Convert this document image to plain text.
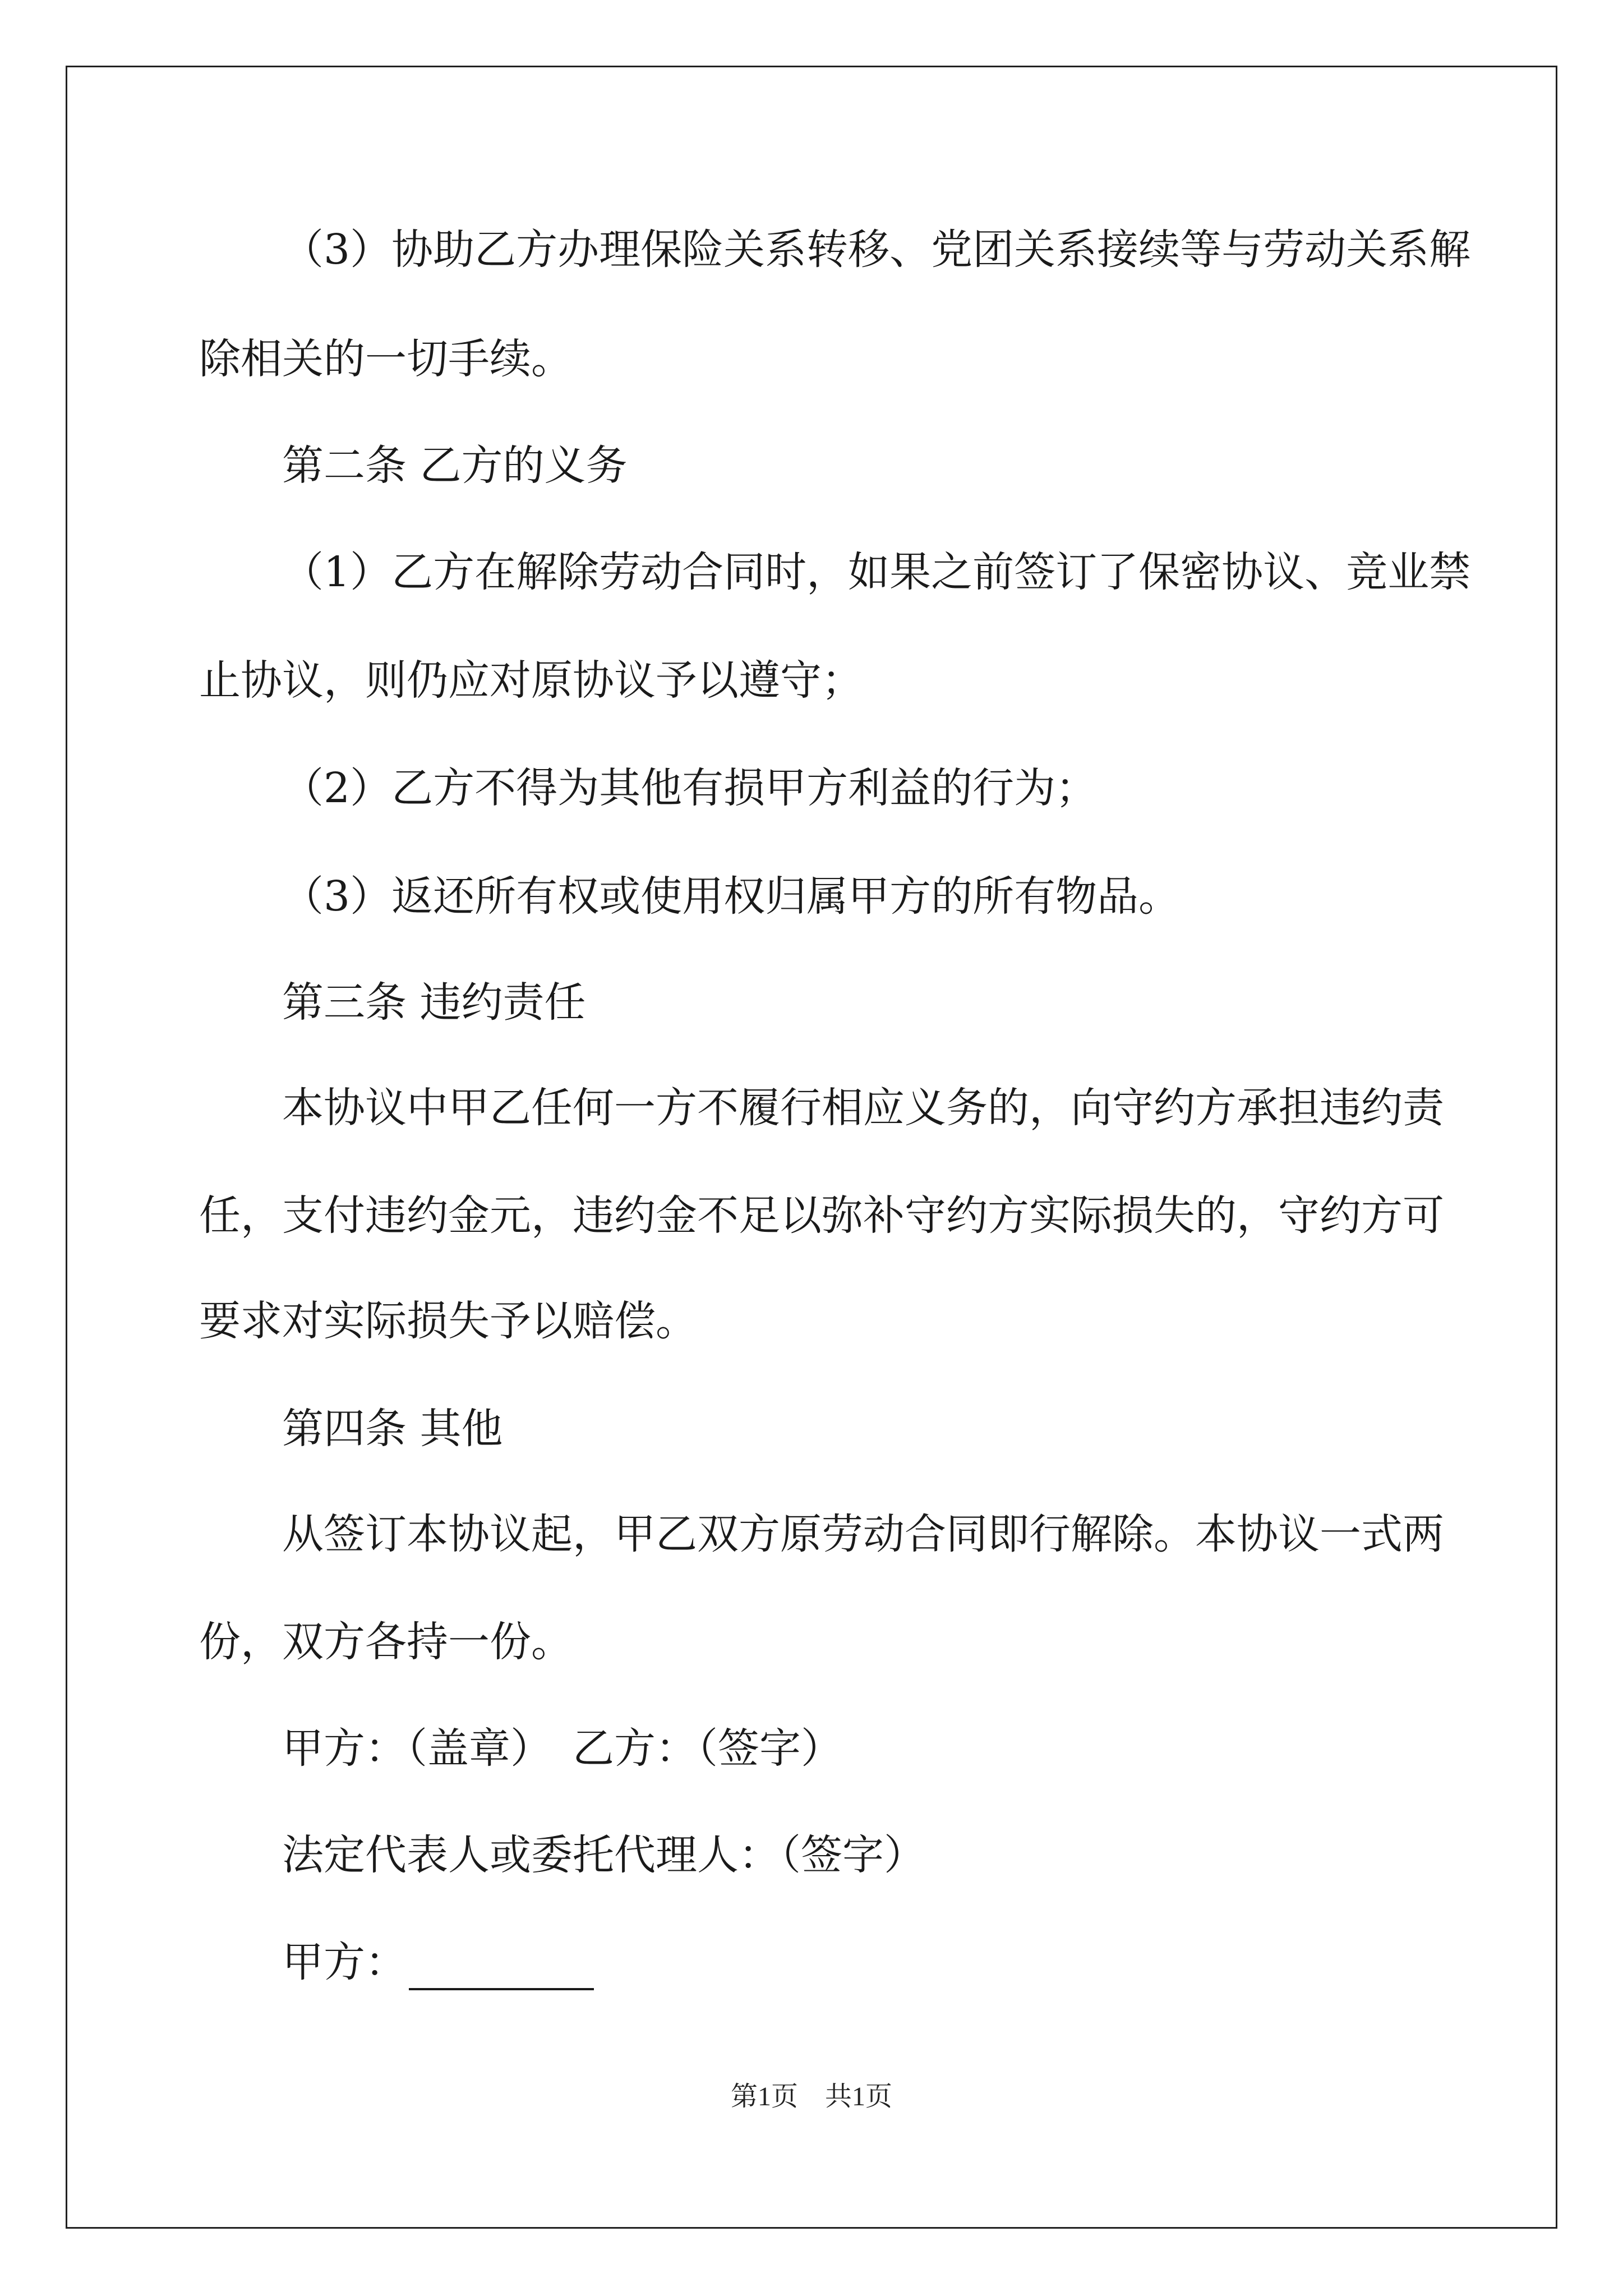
（3）协助乙方办理保险关系转移、党团关系接续等与劳动关系解
除相关的一切手续。
第二条 乙方的义务
（1）乙方在解除劳动合同时，如果之前签订了保密协议、竞业禁
止协议，则仍应对原协议予以遵守；
（2）乙方不得为其他有损甲方利益的行为；
（3）返还所有权或使用权归属甲方的所有物品。
第三条 违约责任
本协议中甲乙任何一方不履行相应义务的，向守约方承担违约责
任，支付违约金元，违约金不足以弥补守约方实际损失的，守约方可
要求对实际损失予以赔偿。
第四条 其他
从签订本协议起，甲乙双方原劳动合同即行解除。本协议一式两
份，双方各持一份。
甲方：（盖章）　乙方：（签字）
法定代表人或委托代理人：（签字）
甲方：
第1页　共1页
